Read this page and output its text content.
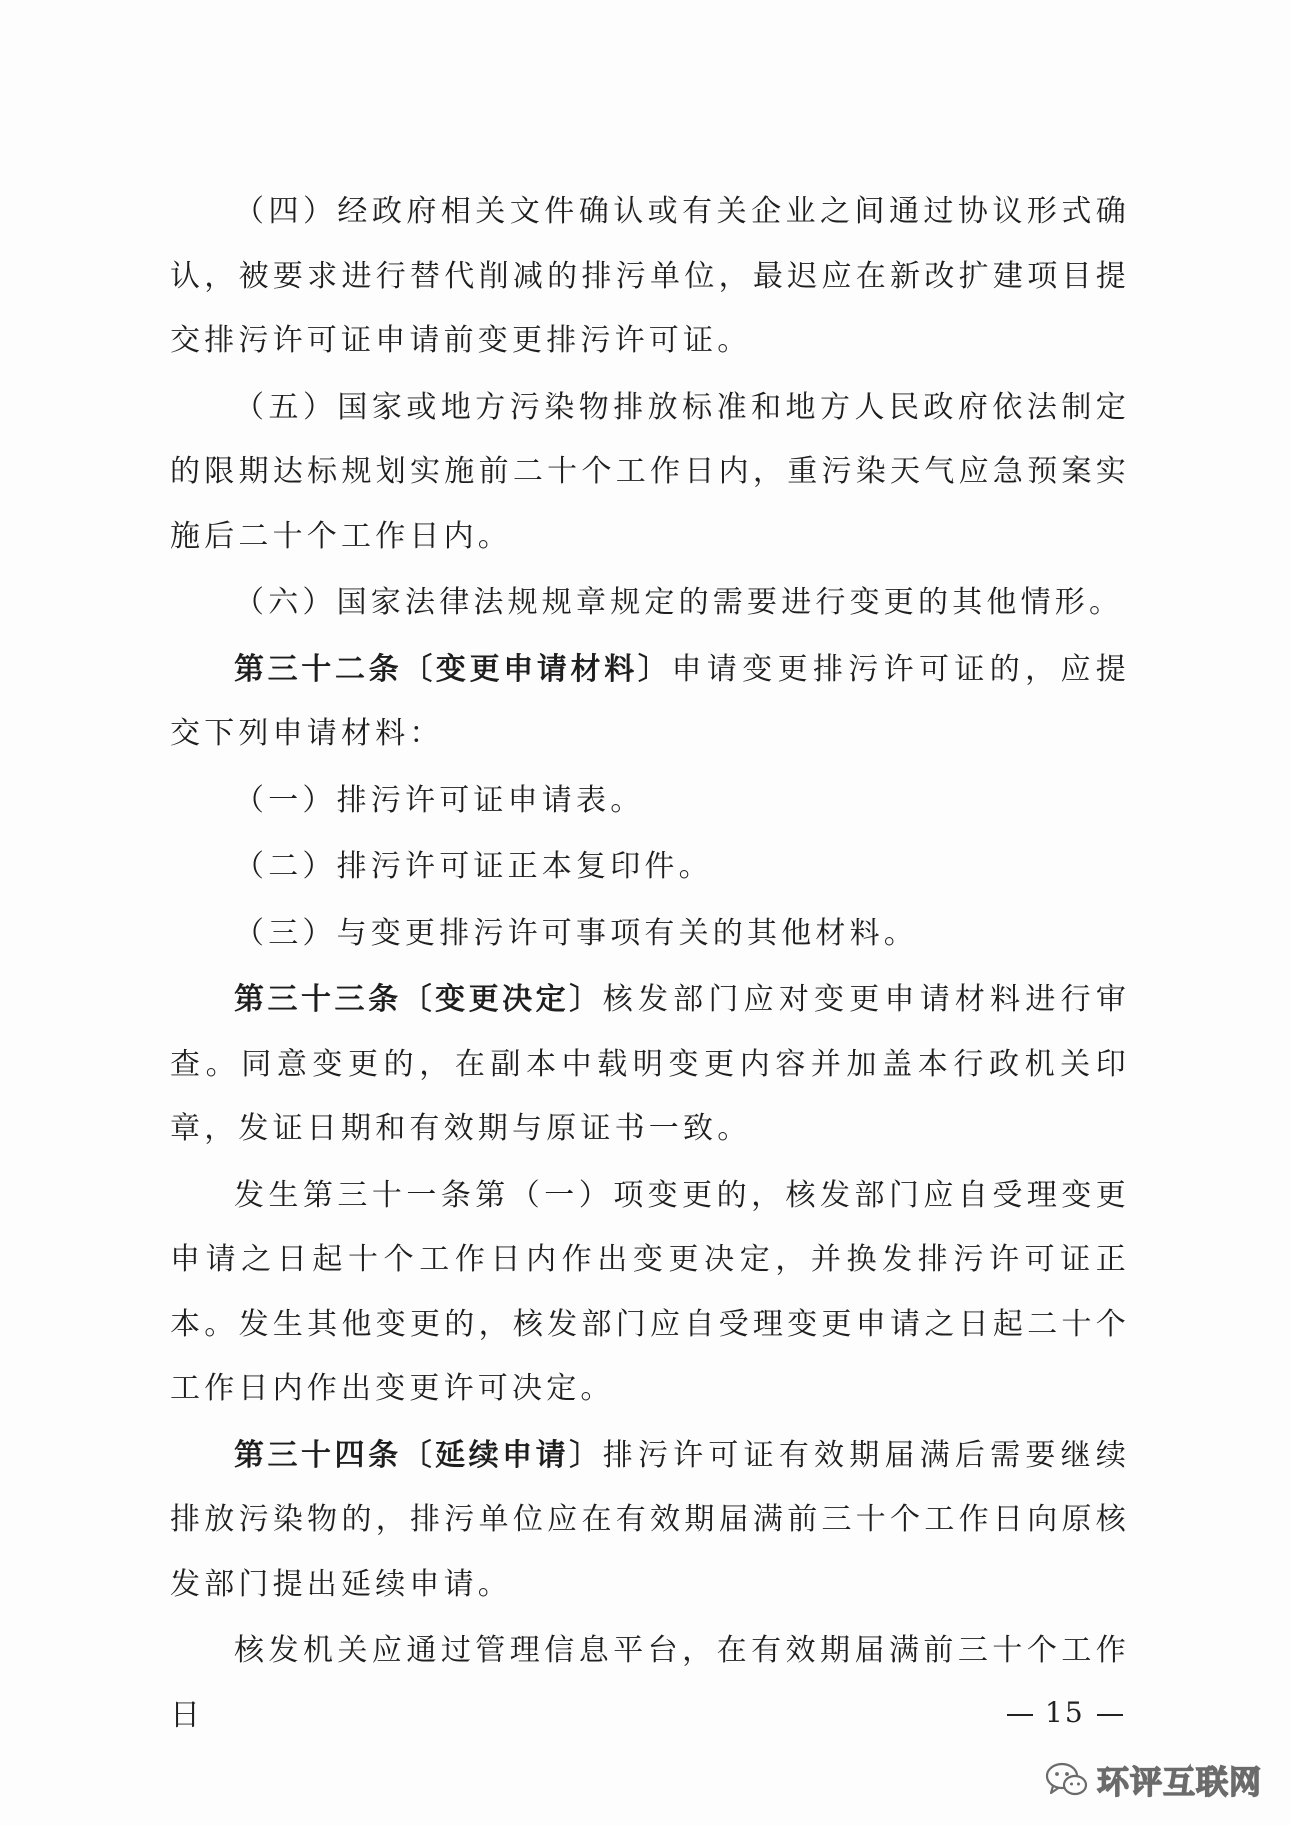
（四）经政府相关文件确认或有关企业之间通过协议形式确认，被要求进行替代削减的排污单位，最迟应在新改扩建项目提交排污许可证申请前变更排污许可证。

（五）国家或地方污染物排放标准和地方人民政府依法制定的限期达标规划实施前二十个工作日内，重污染天气应急预案实施后二十个工作日内。

（六）国家法律法规规章规定的需要进行变更的其他情形。

第三十二条〔变更申请材料〕申请变更排污许可证的，应提交下列申请材料：

（一）排污许可证申请表。

（二）排污许可证正本复印件。

（三）与变更排污许可事项有关的其他材料。

第三十三条〔变更决定〕核发部门应对变更申请材料进行审查。同意变更的，在副本中载明变更内容并加盖本行政机关印章，发证日期和有效期与原证书一致。

发生第三十一条第（一）项变更的，核发部门应自受理变更申请之日起十个工作日内作出变更决定，并换发排污许可证正本。发生其他变更的，核发部门应自受理变更申请之日起二十个工作日内作出变更许可决定。

第三十四条〔延续申请〕排污许可证有效期届满后需要继续排放污染物的，排污单位应在有效期届满前三十个工作日向原核发部门提出延续申请。

核发机关应通过管理信息平台，在有效期届满前三十个工作日	15
环评互联网
